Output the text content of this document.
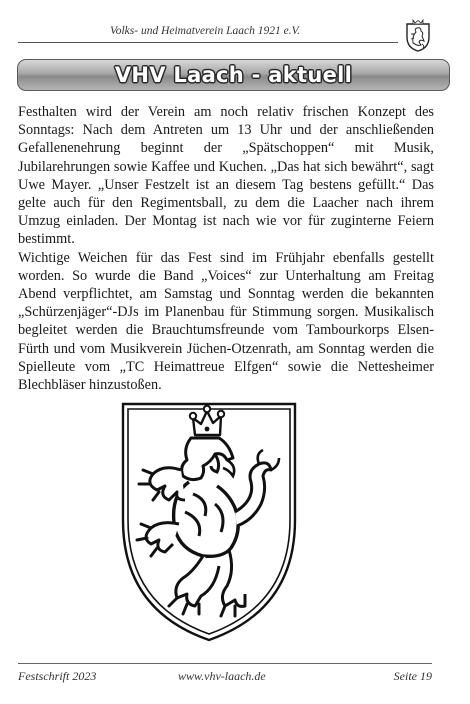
Volks- und Heimatverein Laach 1921 e.V.
VHV Laach - aktuell

Festhalten wird der Verein am noch relativ frischen Konzept des Sonntags: Nach dem Antreten um 13 Uhr und der anschließenden Gefallenenehrung beginnt der „Spätschoppen“ mit Musik, Jubilarehrungen sowie Kaffee und Kuchen. „Das hat sich bewährt“, sagt Uwe Mayer. „Unser Festzelt ist an diesem Tag bestens gefüllt.“ Das gelte auch für den Regimentsball, zu dem die Laacher nach ihrem Umzug einladen. Der Montag ist nach wie vor für zuginterne Feiern bestimmt.

Wichtige Weichen für das Fest sind im Frühjahr ebenfalls gestellt worden. So wurde die Band „Voices“ zur Unterhaltung am Freitag Abend verpflichtet, am Samstag und Sonntag werden die bekannten „Schürzenjäger“-DJs im Planenbau für Stimmung sorgen. Musikalisch begleitet werden die Brauchtumsfreunde vom Tambourkorps Elsen-Fürth und vom Musikverein Jüchen-Otzenrath, am Sonntag werden die Spielleute vom „TC Heimattreue Elfgen“ sowie die Nettesheimer Blechbläser hinzustoßen.

Festschrift 2023	www.vhv-laach.de	Seite 19
